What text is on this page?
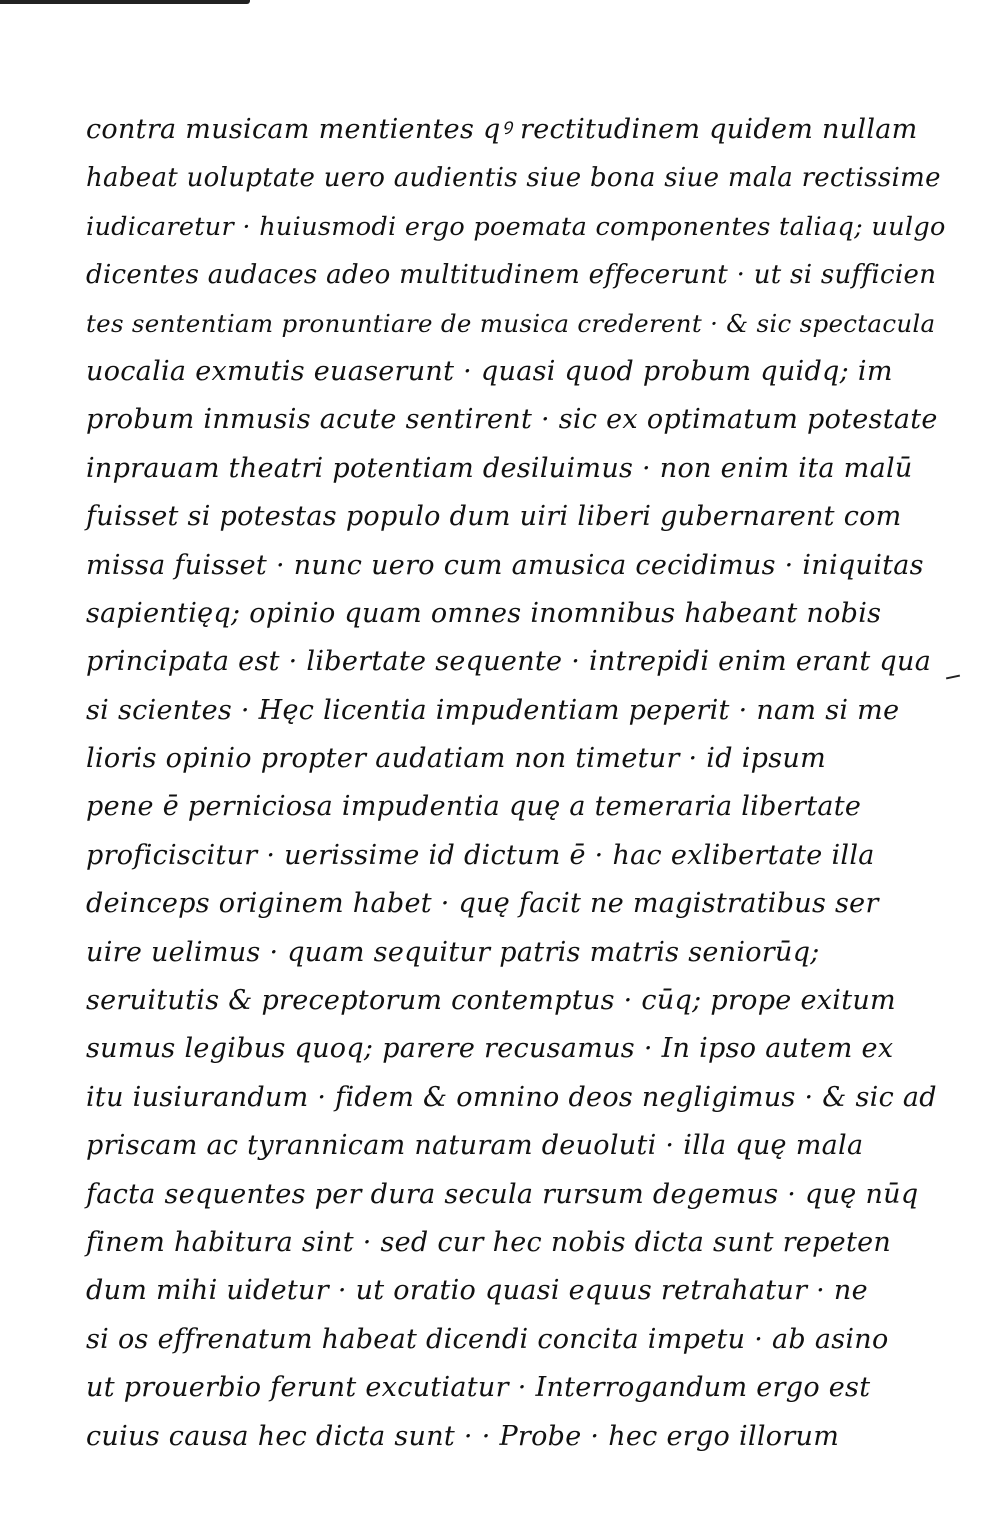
contra musicam mentientes qꝰ rectitudinem quidem nullam
habeat uoluptate uero audientis siue bona siue mala rectissime
iudicaretur · huiusmodi ergo poemata componentes taliaq; uulgo
dicentes audaces adeo multitudinem effecerunt · ut si sufficien
tes sententiam pronuntiare de musica crederent · & sic spectacula
uocalia exmutis euaserunt · quasi quod probum quidq; im
probum inmusis acute sentirent · sic ex optimatum potestate
inprauam theatri potentiam desiluimus · non enim ita malū
fuisset si potestas populo dum uiri liberi gubernarent com
missa fuisset · nunc uero cum amusica cecidimus · iniquitas
sapientięq; opinio quam omnes inomnibus habeant nobis
principata est · libertate sequente · intrepidi enim erant qua
si scientes · Hęc licentia impudentiam peperit · nam si me
lioris opinio propter audatiam non timetur · id ipsum
pene ē perniciosa impudentia quę a temeraria libertate
proficiscitur · uerissime id dictum ē · hac exlibertate illa
deinceps originem habet · quę facit ne magistratibus ser
uire uelimus · quam sequitur patris matris seniorūq;
seruitutis & preceptorum contemptus · cūq; prope exitum
sumus legibus quoq; parere recusamus · In ipso autem ex
itu iusiurandum · fidem & omnino deos negligimus · & sic ad
priscam ac tyrannicam naturam deuoluti · illa quę mala
facta sequentes per dura secula rursum degemus · quę nūq
finem habitura sint · sed cur hec nobis dicta sunt repeten
dum mihi uidetur · ut oratio quasi equus retrahatur · ne
si os effrenatum habeat dicendi concita impetu · ab asino
ut prouerbio ferunt excutiatur · Interrogandum ergo est
cuius causa hec dicta sunt · · Probe · hec ergo illorum
